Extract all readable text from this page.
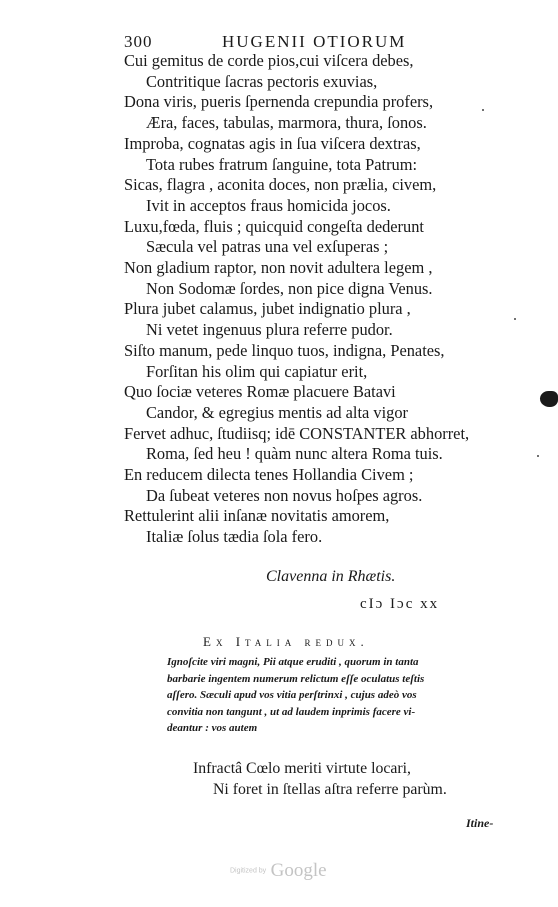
300	HUGENII OTIORUM
Cui gemitus de corde pios,cui viſcera debes,
Contritique ſacras pectoris exuvias,
Dona viris, pueris ſpernenda crepundia profers,
Æra, faces, tabulas, marmora, thura, ſonos.
Improba, cognatas agis in ſua viſcera dextras,
Tota rubes fratrum ſanguine, tota Patrum:
Sicas, flagra , aconita doces, non prælia, civem,
Ivit in acceptos fraus homicida jocos.
Luxu,fœda, fluis ; quicquid congeſta dederunt
Sæcula vel patras una vel exſuperas ;
Non gladium raptor, non novit adultera legem ,
Non Sodomæ ſordes, non pice digna Venus.
Plura jubet calamus, jubet indignatio plura ,
Ni vetet ingenuus plura referre pudor.
Siſto manum, pede linquo tuos, indigna, Penates,
Forſitan his olim qui capiatur erit,
Quo ſociæ veteres Romæ placuere Batavi
Candor, & egregius mentis ad alta vigor
Fervet adhuc, ſtudiisq; idē CONSTANTER abhorret,
Roma, ſed heu ! quàm nunc altera Roma tuis.
En reducem dilecta tenes Hollandia Civem ;
Da ſubeat veteres non novus hoſpes agros.
Rettulerint alii inſanæ novitatis amorem,
Italiæ ſolus tædia ſola fero.
Clavenna in Rhætis.
cIɔ Iɔc xx
Ex Italia redux.
Ignoſcite viri magni, Pii atque eruditi , quorum in tanta
barbarie ingentem numerum relictum eſſe oculatus teſtis
aſſero. Sæculi apud vos vitia perſtrinxi , cujus adeò vos
convitia non tangunt , ut ad laudem inprimis facere vi-
deantur : vos autem
Infractâ Cœlo meriti virtute locari,
Ni foret in ſtellas aſtra referre parùm.
Itine-
Digitized by Google
